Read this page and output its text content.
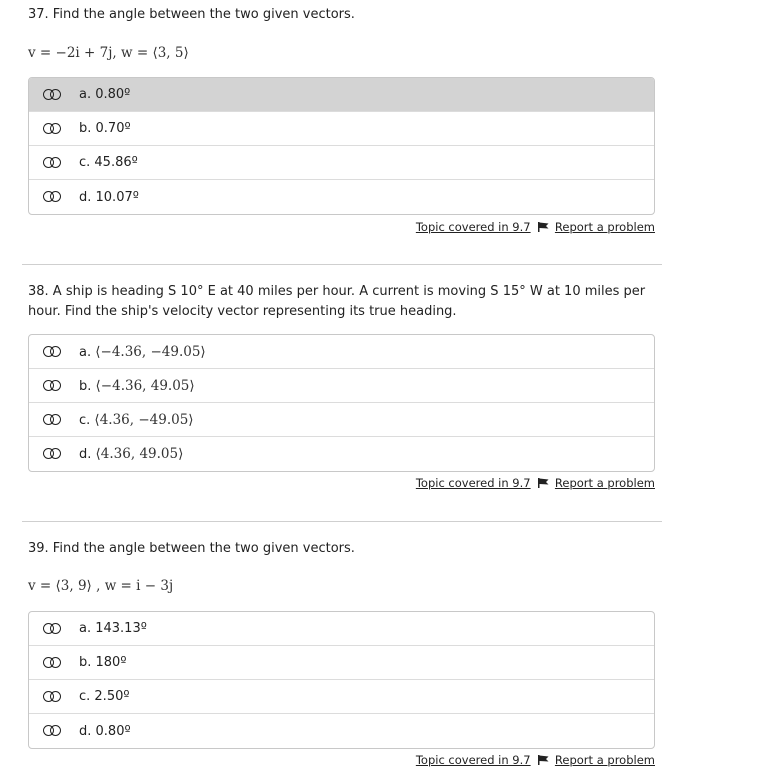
37. Find the angle between the two given vectors.

v = −2i + 7j, w = ⟨3, 5⟩

a. 0.80º
b. 0.70º
c. 45.86º
d. 10.07º
Topic covered in 9.7 Report a problem

38. A ship is heading S 10° E at 40 miles per hour. A current is moving S 15° W at 10 miles per hour. Find the ship's velocity vector representing its true heading.

a. ⟨−4.36, −49.05⟩
b. ⟨−4.36, 49.05⟩
c. ⟨4.36, −49.05⟩
d. ⟨4.36, 49.05⟩
Topic covered in 9.7 Report a problem

39. Find the angle between the two given vectors.

v = ⟨3, 9⟩ , w = i − 3j

a. 143.13º
b. 180º
c. 2.50º
d. 0.80º
Topic covered in 9.7 Report a problem
